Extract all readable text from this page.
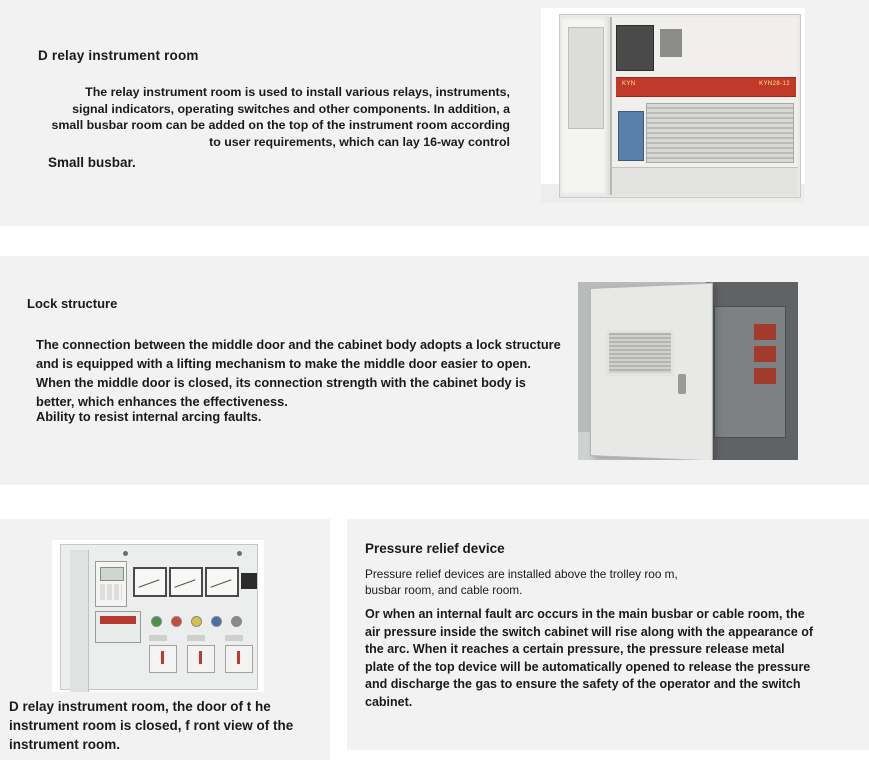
D relay instrument room
The relay instrument room is used to install various relays, instruments, signal indicators, operating switches and other components. In addition, a small busbar room can be added on the top of the instrument room according to user requirements, which can lay 16-way control
Small busbar.
KYN	KYN28-12
Lock structure
The connection between the middle door and the cabinet body adopts a lock structure and is equipped with a lifting mechanism to make the middle door easier to open. When the middle door is closed, its connection strength with the cabinet body is better, which enhances the effectiveness.
Ability to resist internal arcing faults.
D relay instrument room, the door of t he instrument room is closed, f ront view of the instrument room.
Pressure relief device
Pressure relief devices are installed above the trolley roo m, busbar room, and cable room.
Or when an internal fault arc occurs in the main busbar or cable room, the air pressure inside the switch cabinet will rise along with the appearance of the arc. When it reaches a certain pressure, the pressure release metal plate of the top device will be automatically opened to release the pressure and discharge the gas to ensure the safety of the operator and the switch cabinet.
